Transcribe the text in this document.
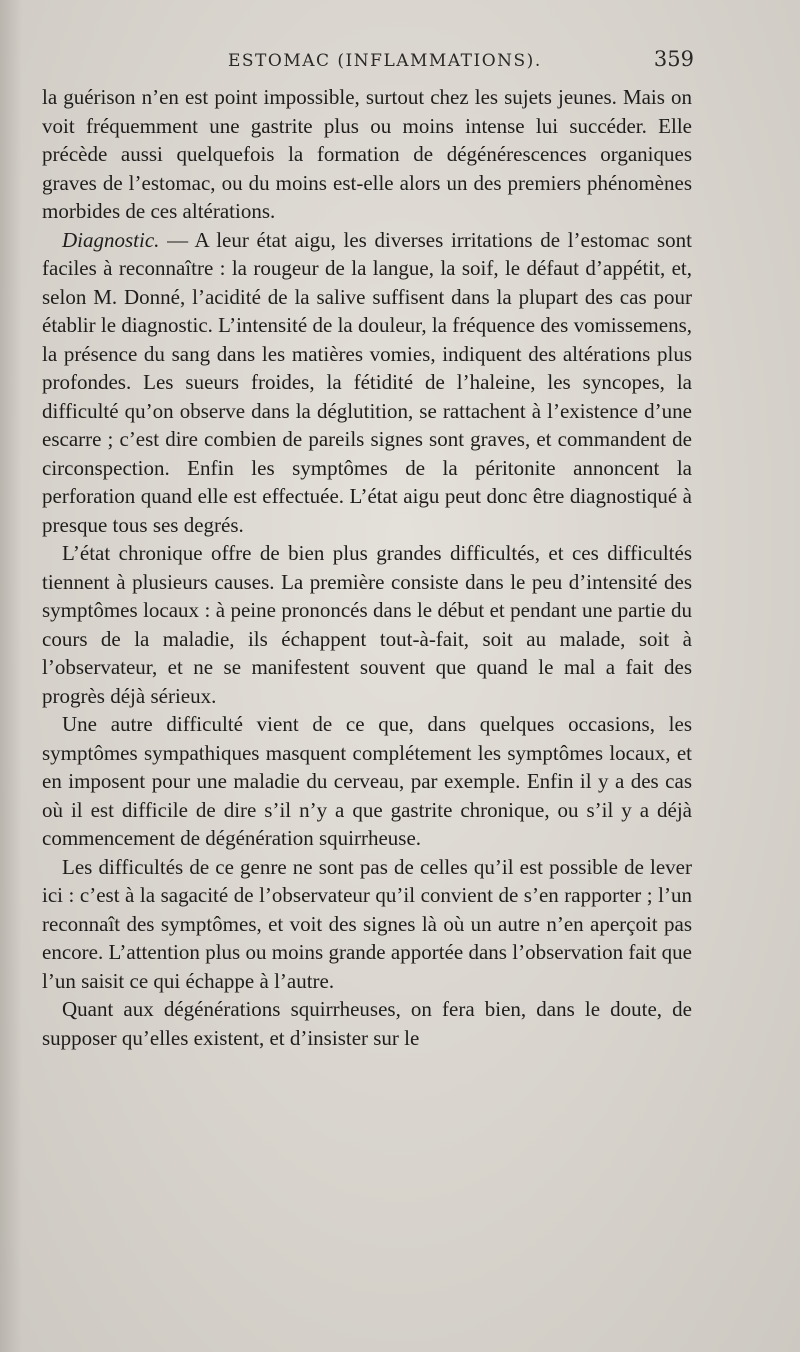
ESTOMAC (INFLAMMATIONS).	359

la guérison n’en est point impossible, surtout chez les sujets jeunes. Mais on voit fréquemment une gastrite plus ou moins intense lui succéder. Elle précède aussi quelquefois la formation de dégénérescences organiques graves de l’estomac, ou du moins est-elle alors un des premiers phénomènes morbides de ces altérations.

Diagnostic. — A leur état aigu, les diverses irritations de l’estomac sont faciles à reconnaître : la rougeur de la langue, la soif, le défaut d’appétit, et, selon M. Donné, l’acidité de la salive suffisent dans la plupart des cas pour établir le diagnostic. L’intensité de la douleur, la fréquence des vomissemens, la présence du sang dans les matières vomies, indiquent des altérations plus profondes. Les sueurs froides, la fétidité de l’haleine, les syncopes, la difficulté qu’on observe dans la déglutition, se rattachent à l’existence d’une escarre ; c’est dire combien de pareils signes sont graves, et commandent de circonspection. Enfin les symptômes de la péritonite annoncent la perforation quand elle est effectuée. L’état aigu peut donc être diagnostiqué à presque tous ses degrés.

L’état chronique offre de bien plus grandes difficultés, et ces difficultés tiennent à plusieurs causes. La première consiste dans le peu d’intensité des symptômes locaux : à peine prononcés dans le début et pendant une partie du cours de la maladie, ils échappent tout-à-fait, soit au malade, soit à l’observateur, et ne se manifestent souvent que quand le mal a fait des progrès déjà sérieux.

Une autre difficulté vient de ce que, dans quelques occasions, les symptômes sympathiques masquent complétement les symptômes locaux, et en imposent pour une maladie du cerveau, par exemple. Enfin il y a des cas où il est difficile de dire s’il n’y a que gastrite chronique, ou s’il y a déjà commencement de dégénération squirrheuse.

Les difficultés de ce genre ne sont pas de celles qu’il est possible de lever ici : c’est à la sagacité de l’observateur qu’il convient de s’en rapporter ; l’un reconnaît des symptômes, et voit des signes là où un autre n’en aperçoit pas encore. L’attention plus ou moins grande apportée dans l’observation fait que l’un saisit ce qui échappe à l’autre.

Quant aux dégénérations squirrheuses, on fera bien, dans le doute, de supposer qu’elles existent, et d’insister sur le
